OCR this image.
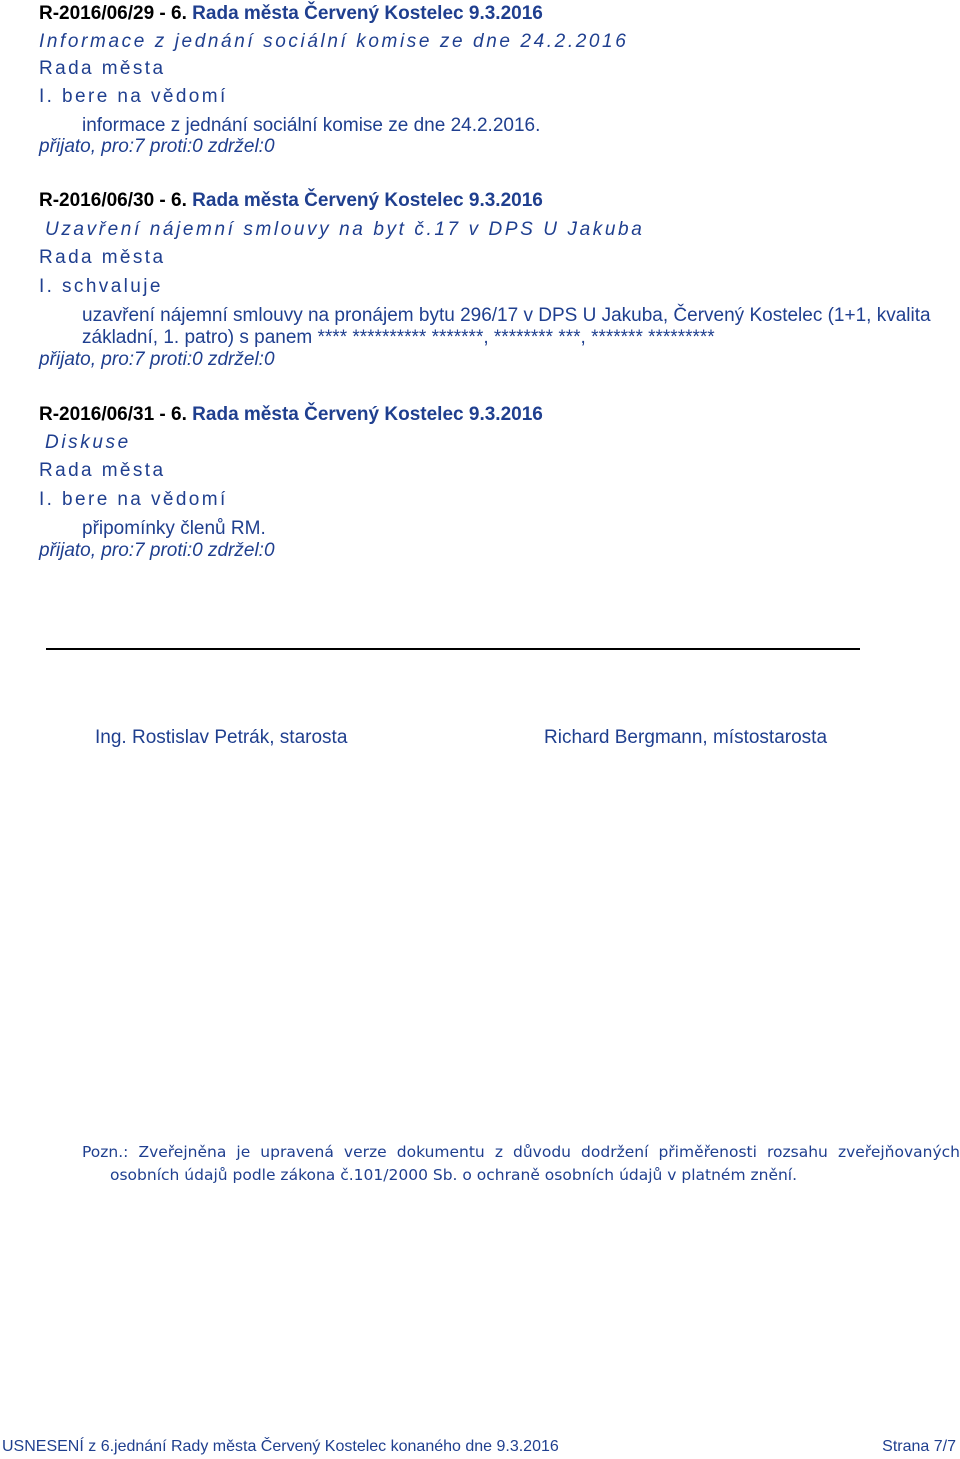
R-2016/06/29 - 6. Rada města Červený Kostelec 9.3.2016
Informace z jednání sociální komise ze dne 24.2.2016
Rada města
I. bere na vědomí
informace z jednání sociální komise ze dne 24.2.2016.
přijato, pro:7 proti:0 zdržel:0
R-2016/06/30 - 6. Rada města Červený Kostelec 9.3.2016
Uzavření nájemní smlouvy na byt č.17 v DPS U Jakuba
Rada města
I. schvaluje
uzavření nájemní smlouvy na pronájem bytu 296/17 v DPS U Jakuba, Červený Kostelec (1+1, kvalita
základní, 1. patro) s panem **** ********** *******, ******** ***, ******* *********
přijato, pro:7 proti:0 zdržel:0
R-2016/06/31 - 6. Rada města Červený Kostelec 9.3.2016
Diskuse
Rada města
I. bere na vědomí
připomínky členů RM.
přijato, pro:7 proti:0 zdržel:0
Ing. Rostislav Petrák, starosta	Richard Bergmann, místostarosta
Pozn.: Zveřejněna je upravená verze dokumentu z důvodu dodržení přiměřenosti rozsahu zveřejňovaných
osobních údajů podle zákona č.101/2000 Sb. o ochraně osobních údajů v platném znění.
USNESENÍ z 6.jednání Rady města Červený Kostelec konaného dne 9.3.2016	Strana 7/7
